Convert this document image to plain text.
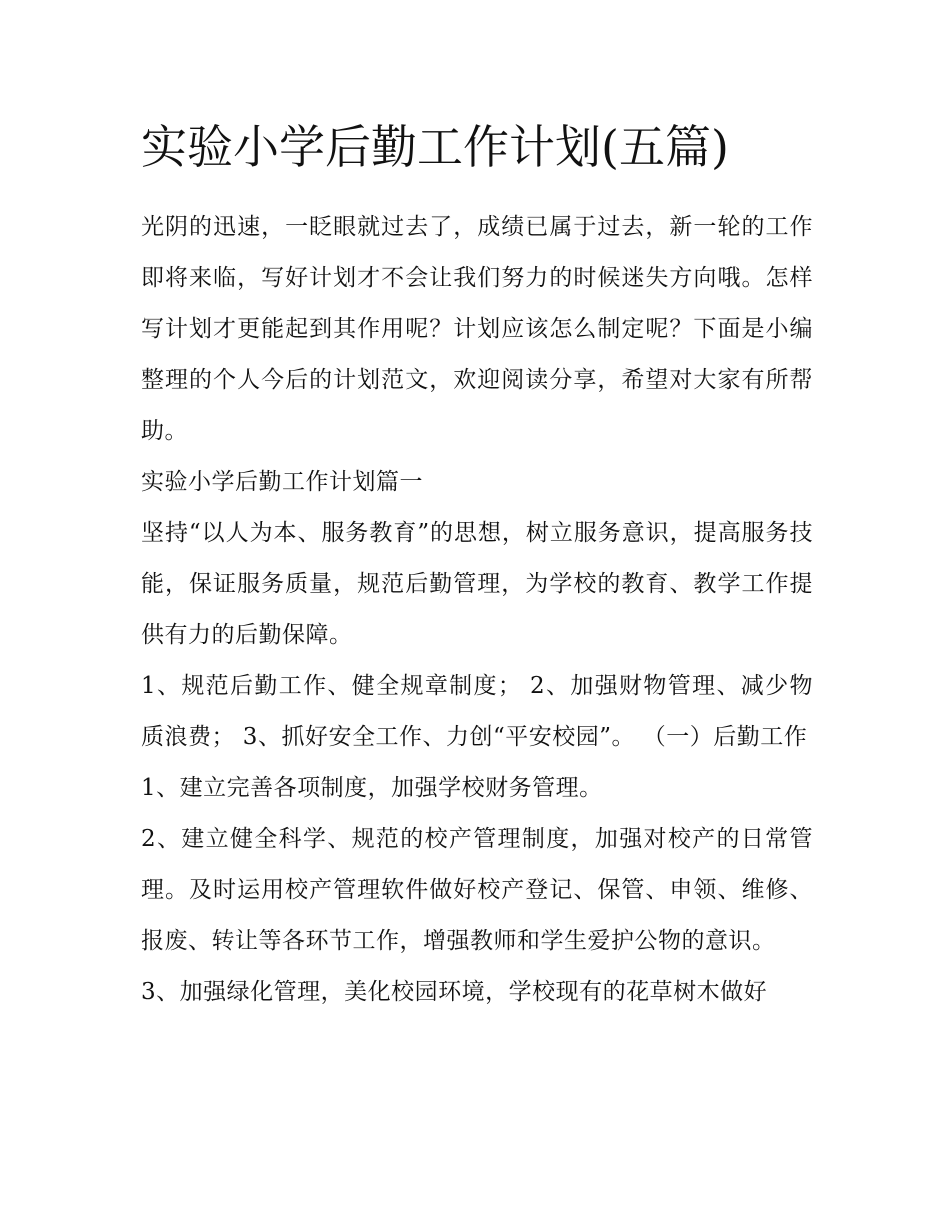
实验小学后勤工作计划(五篇)

光阴的迅速，一眨眼就过去了，成绩已属于过去，新一轮的工作即将来临，写好计划才不会让我们努力的时候迷失方向哦。怎样写计划才更能起到其作用呢？计划应该怎么制定呢？下面是小编整理的个人今后的计划范文，欢迎阅读分享，希望对大家有所帮助。

实验小学后勤工作计划篇一

坚持“以人为本、服务教育”的思想，树立服务意识，提高服务技能，保证服务质量，规范后勤管理，为学校的教育、教学工作提供有力的后勤保障。

1、规范后勤工作、健全规章制度； 2、加强财物管理、减少物质浪费； 3、抓好安全工作、力创“平安校园”。 （一）后勤工作

1、建立完善各项制度，加强学校财务管理。

2、建立健全科学、规范的校产管理制度，加强对校产的日常管理。及时运用校产管理软件做好校产登记、保管、申领、维修、报废、转让等各环节工作，增强教师和学生爱护公物的意识。

3、加强绿化管理，美化校园环境，学校现有的花草树木做好
